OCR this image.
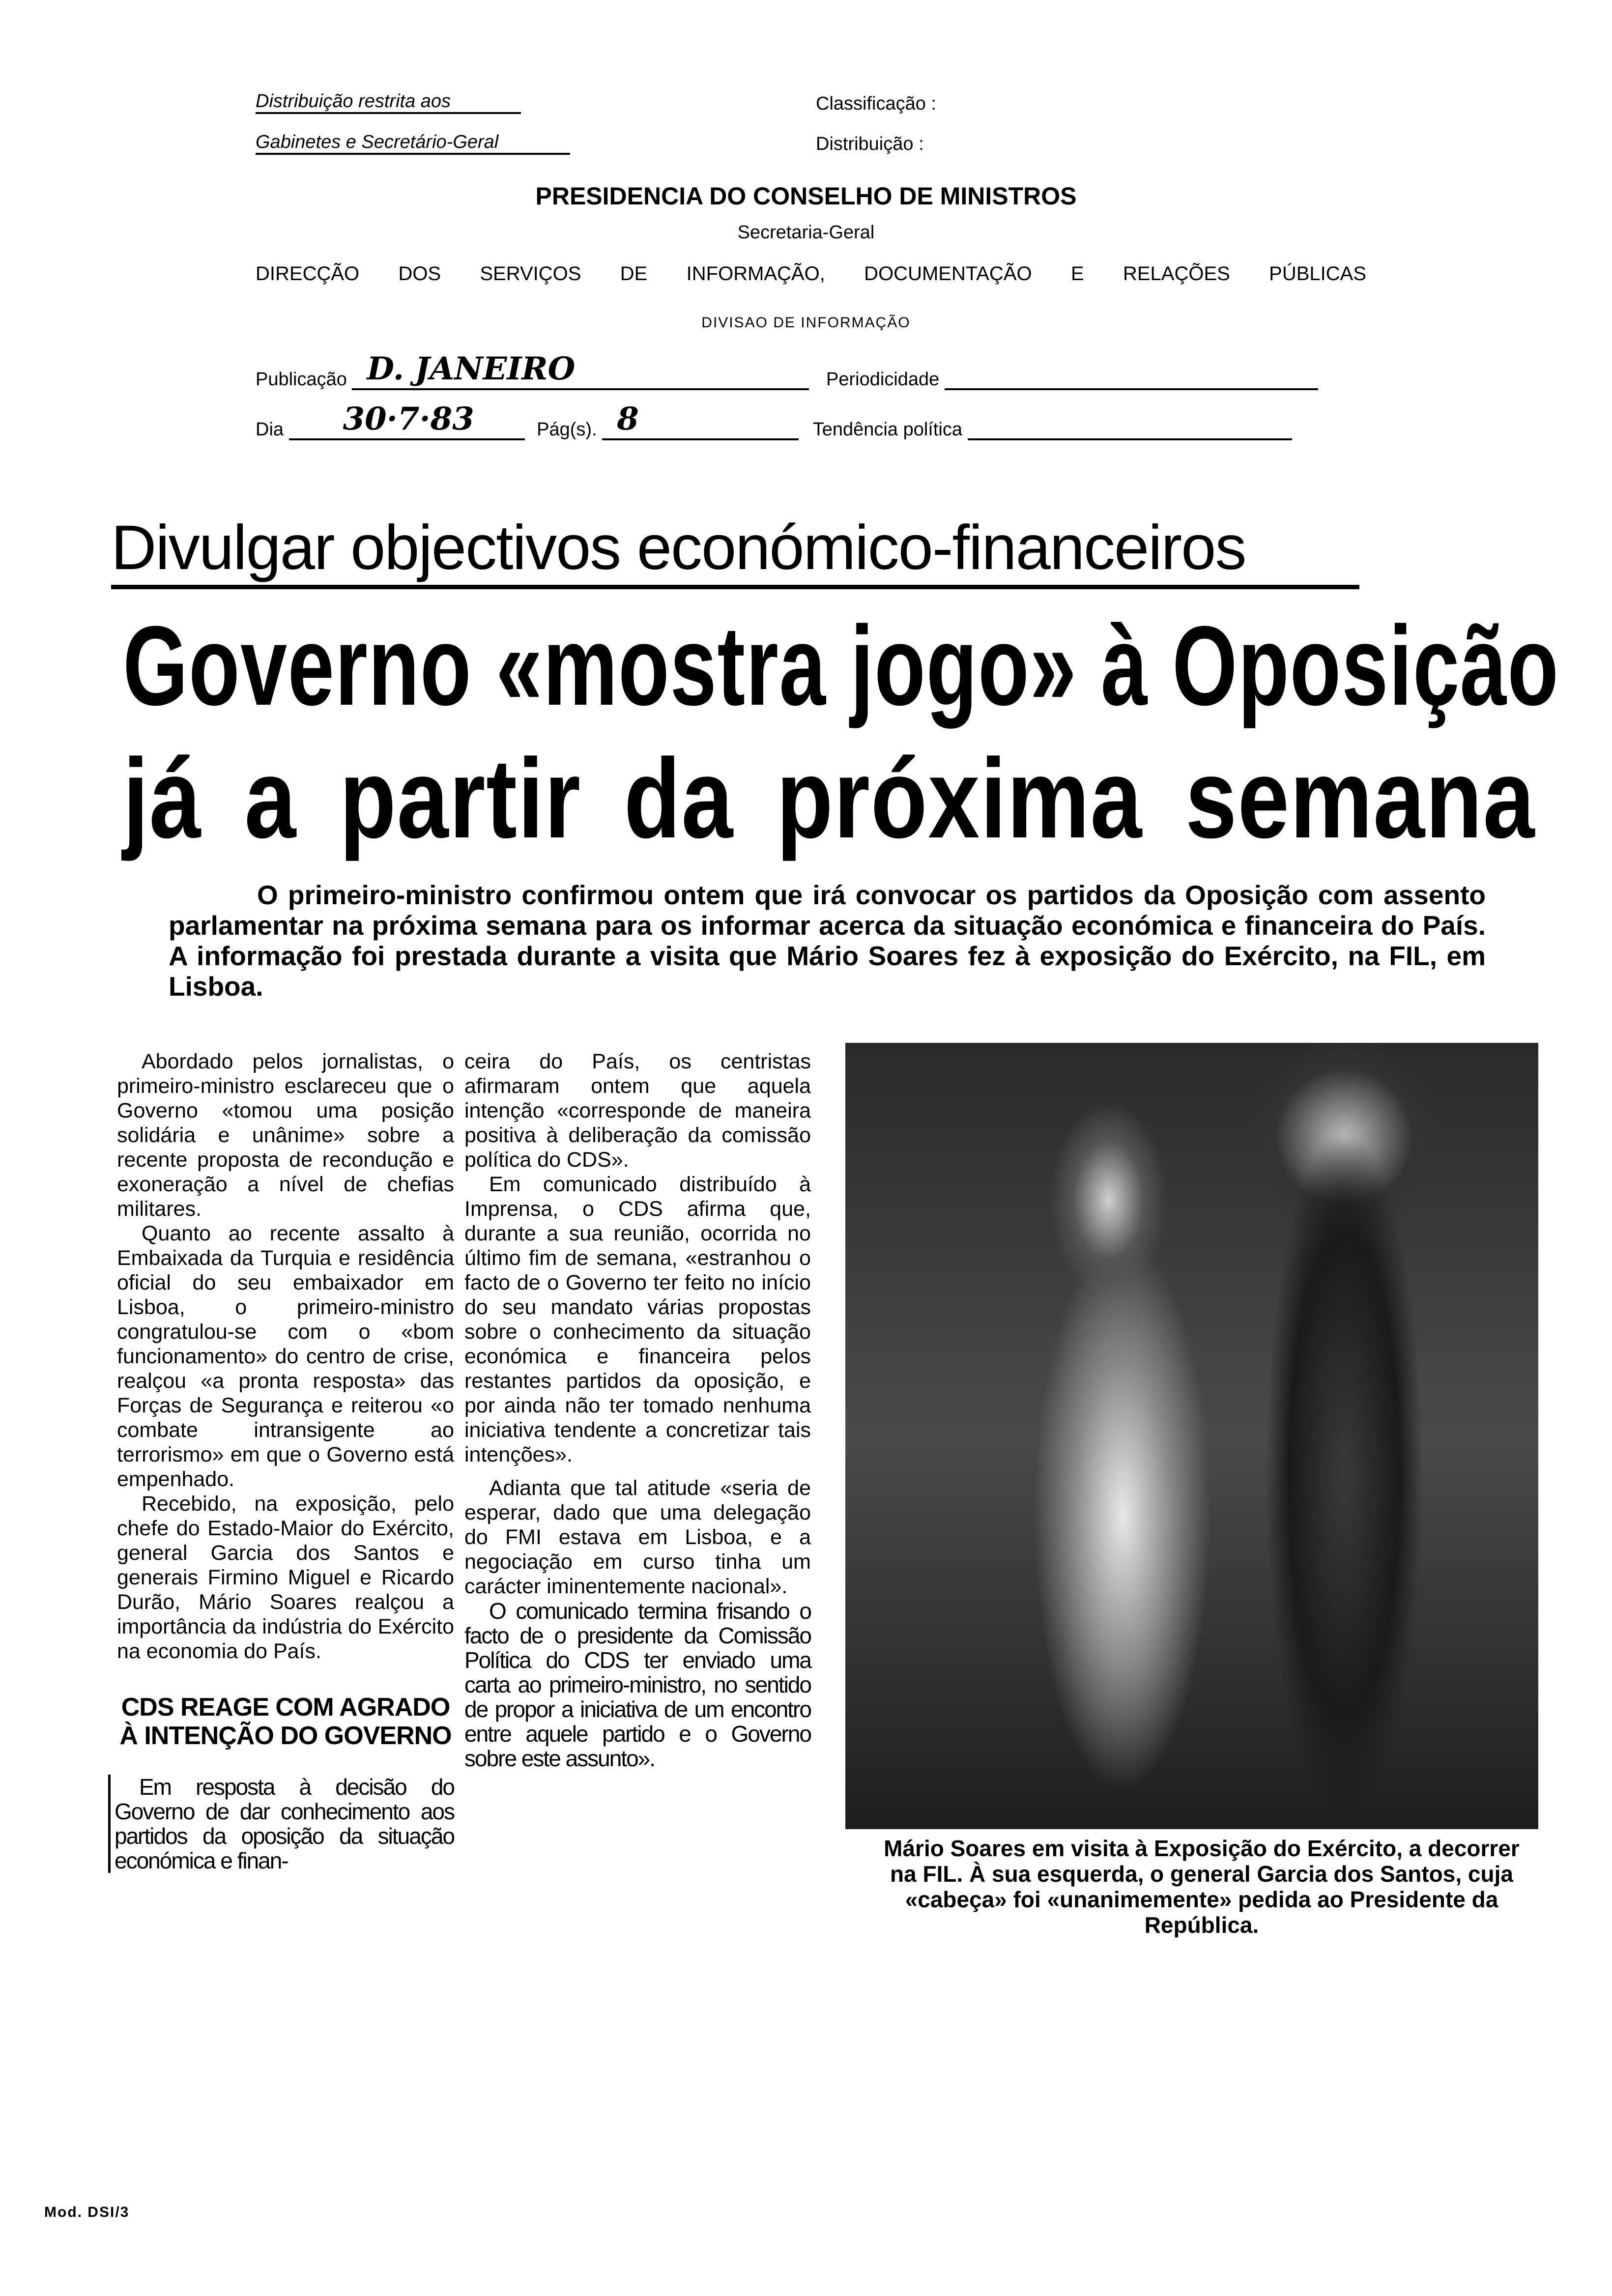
Distribuição restrita aos
Gabinetes e Secretário-Geral
Classificação :
Distribuição :
PRESIDENCIA DO CONSELHO DE MINISTROS
Secretaria-Geral
DIRECÇÃO DOS SERVIÇOS DE INFORMAÇÃO, DOCUMENTAÇÃO E RELAÇÕES PÚBLICAS
DIVISAO DE INFORMAÇÃO
Publicação D. JANEIRO	Periodicidade
Dia 30·7·83	Pág(s). 8	Tendência política
Divulgar objectivos económico-financeiros
Governo «mostra jogo» à Oposição
já a partir da próxima semana
O primeiro-ministro confirmou ontem que irá convocar os partidos da Oposição com assento parlamentar na próxima semana para os informar acerca da situação económica e financeira do País. A informação foi prestada durante a visita que Mário Soares fez à exposição do Exército, na FIL, em Lisboa.

Abordado pelos jornalistas, o primeiro-ministro esclareceu que o Governo «tomou uma posição solidária e unânime» sobre a recente proposta de recondução e exoneração a nível de chefias militares.

Quanto ao recente assalto à Embaixada da Turquia e residência oficial do seu embaixador em Lisboa, o primeiro-ministro congratulou-se com o «bom funcionamento» do centro de crise, realçou «a pronta resposta» das Forças de Segurança e reiterou «o combate intransigente ao terrorismo» em que o Governo está empenhado.

Recebido, na exposição, pelo chefe do Estado-Maior do Exército, general Garcia dos Santos e generais Firmino Miguel e Ricardo Durão, Mário Soares realçou a importância da indústria do Exército na economia do País.

CDS REAGE COM AGRADO À INTENÇÃO DO GOVERNO

Em resposta à decisão do Governo de dar conhecimento aos partidos da oposição da situação económica e finan-

ceira do País, os centristas afirmaram ontem que aquela intenção «corresponde de maneira positiva à deliberação da comissão política do CDS».

Em comunicado distribuído à Imprensa, o CDS afirma que, durante a sua reunião, ocorrida no último fim de semana, «estranhou o facto de o Governo ter feito no início do seu mandato várias propostas sobre o conhecimento da situação económica e financeira pelos restantes partidos da oposição, e por ainda não ter tomado nenhuma iniciativa tendente a concretizar tais intenções».

Adianta que tal atitude «seria de esperar, dado que uma delegação do FMI estava em Lisboa, e a negociação em curso tinha um carácter iminentemente nacional».

O comunicado termina frisando o facto de o presidente da Comissão Política do CDS ter enviado uma carta ao primeiro-ministro, no sentido de propor a iniciativa de um encontro entre aquele partido e o Governo sobre este assunto».

Mário Soares em visita à Exposição do Exército, a decorrer na FIL. À sua esquerda, o general Garcia dos Santos, cuja «cabeça» foi «unanimemente» pedida ao Presidente da República.
Mod. DSI/3
